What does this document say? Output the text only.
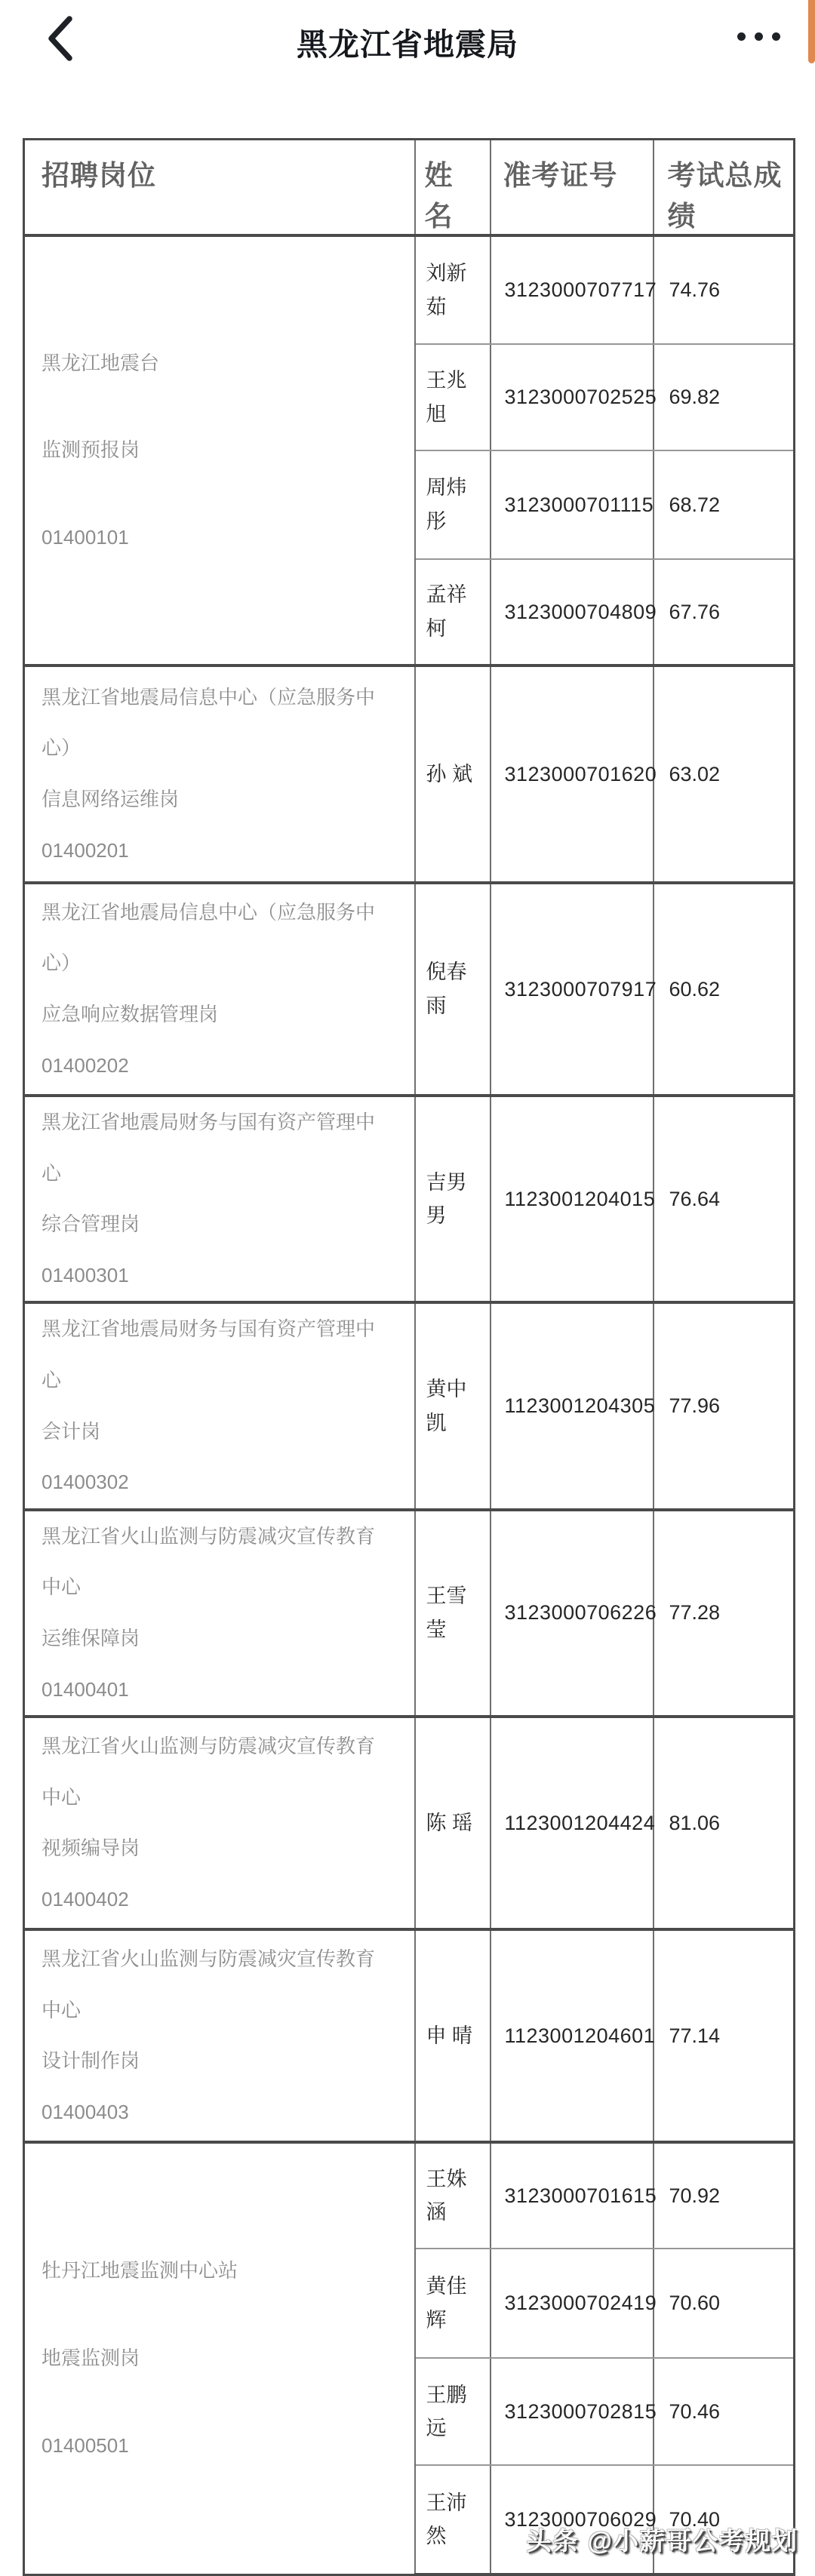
黑龙江省地震局
招聘岗位	姓 名	准考证号	考试总成绩

黑龙江地震台
监测预报岗
01400101	刘新茹	3123000707717	74.76
	王兆旭	3123000702525	69.82
	周炜彤	3123000701115	68.72
	孟祥柯	3123000704809	67.76

黑龙江省地震局信息中心（应急服务中心）
信息网络运维岗
01400201	孙 斌	3123000701620	63.02

黑龙江省地震局信息中心（应急服务中心）
应急响应数据管理岗
01400202	倪春雨	3123000707917	60.62

黑龙江省地震局财务与国有资产管理中心
综合管理岗
01400301	吉男男	1123001204015	76.64

黑龙江省地震局财务与国有资产管理中心
会计岗
01400302	黄中凯	1123001204305	77.96

黑龙江省火山监测与防震减灾宣传教育中心
运维保障岗
01400401	王雪莹	3123000706226	77.28

黑龙江省火山监测与防震减灾宣传教育中心
视频编导岗
01400402	陈 瑶	1123001204424	81.06

黑龙江省火山监测与防震减灾宣传教育中心
设计制作岗
01400403	申 晴	1123001204601	77.14

牡丹江地震监测中心站
地震监测岗
01400501	王姝涵	3123000701615	70.92
	黄佳辉	3123000702419	70.60
	王鹏远	3123000702815	70.46
	王沛然	3123000706029	70.40
头条 @小薪哥公考规划
